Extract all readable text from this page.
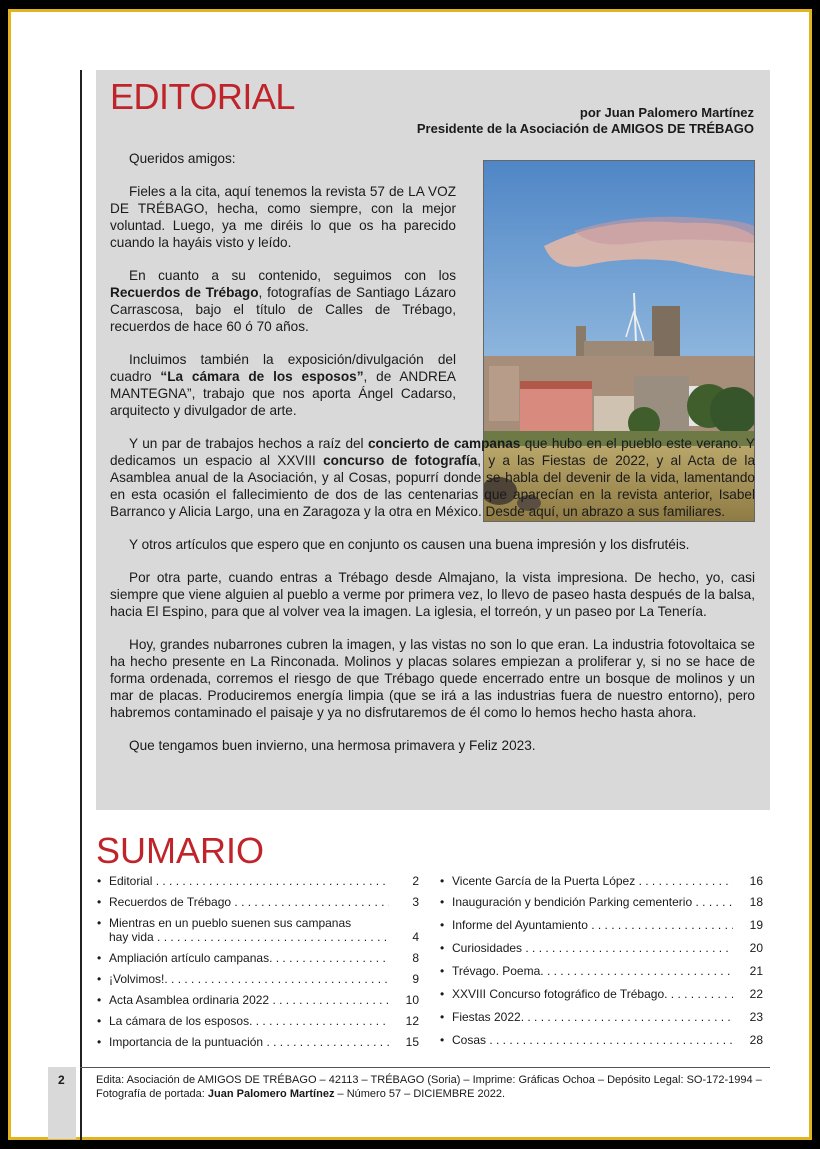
2
EDITORIAL	por Juan Palomero Martínez
Presidente de la Asociación de AMIGOS DE TRÉBAGO

Queridos amigos:

Fieles a la cita, aquí tenemos la revista 57 de LA VOZ DE TRÉBAGO, hecha, como siempre, con la mejor voluntad. Luego, ya me diréis lo que os ha parecido cuando la hayáis visto y leído.

En cuanto a su contenido, seguimos con los Recuerdos de Trébago, fotografías de Santiago Lázaro Carrascosa, bajo el título de Calles de Trébago, recuerdos de hace 60 ó 70 años.

Incluimos también la exposición/divulgación del cuadro “La cámara de los esposos”, de ANDREA MANTEGNA”, trabajo que nos aporta Ángel Cadarso, arquitecto y divulgador de arte.

Y un par de trabajos hechos a raíz del concierto de campanas que hubo en el pueblo este verano. Y dedicamos un espacio al XXVIII concurso de fotografía, y a las Fiestas de 2022, y al Acta de la Asamblea anual de la Asociación, y al Cosas, popurrí donde se habla del devenir de la vida, lamentando en esta ocasión el fallecimiento de dos de las centenarias que aparecían en la revista anterior, Isabel Barranco y Alicia Largo, una en Zaragoza y la otra en México. Desde aquí, un abrazo a sus familiares.

Y otros artículos que espero que en conjunto os causen una buena impresión y los disfrutéis.

Por otra parte, cuando entras a Trébago desde Almajano, la vista impresiona. De hecho, yo, casi siempre que viene alguien al pueblo a verme por primera vez, lo llevo de paseo hasta después de la balsa, hacia El Espino, para que al volver vea la imagen. La iglesia, el torreón, y un paseo por La Tenería.

Hoy, grandes nubarrones cubren la imagen, y las vistas no son lo que eran. La industria fotovoltaica se ha hecho presente en La Rinconada. Molinos y placas solares empiezan a proliferar y, si no se hace de forma ordenada, corremos el riesgo de que Trébago quede encerrado entre un bosque de molinos y un mar de placas. Produciremos energía limpia (que se irá a las industrias fuera de nuestro entorno), pero habremos contaminado el paisaje y ya no disfrutaremos de él como lo hemos hecho hasta ahora.

Que tengamos buen invierno, una hermosa primavera y Feliz 2023.

SUMARIO
• Editorial . . .	2
• Recuerdos de Trébago . . .	3
• Mientras en un pueblo suenen sus campanas
hay vida . . .	4
• Ampliación artículo campanas. . . .	8
• ¡Volvimos!. . . .	9
• Acta Asamblea ordinaria 2022 . . .	10
• La cámara de los esposos. . . .	12
• Importancia de la puntuación . . .	15
• Vicente García de la Puerta López . . .	16
• Inauguración y bendición Parking cementerio . . .	18
• Informe del Ayuntamiento . . .	19
• Curiosidades . . .	20
• Trévago. Poema. . . .	21
• XXVIII Concurso fotográfico de Trébago. . . .	22
• Fiestas 2022. . . .	23
• Cosas . . .	28
Edita: Asociación de AMIGOS DE TRÉBAGO – 42113 – TRÉBAGO (Soria) – Imprime: Gráficas Ochoa – Depósito Legal: SO-172-1994 – Fotografía de portada: Juan Palomero Martínez – Número 57 – DICIEMBRE 2022.
